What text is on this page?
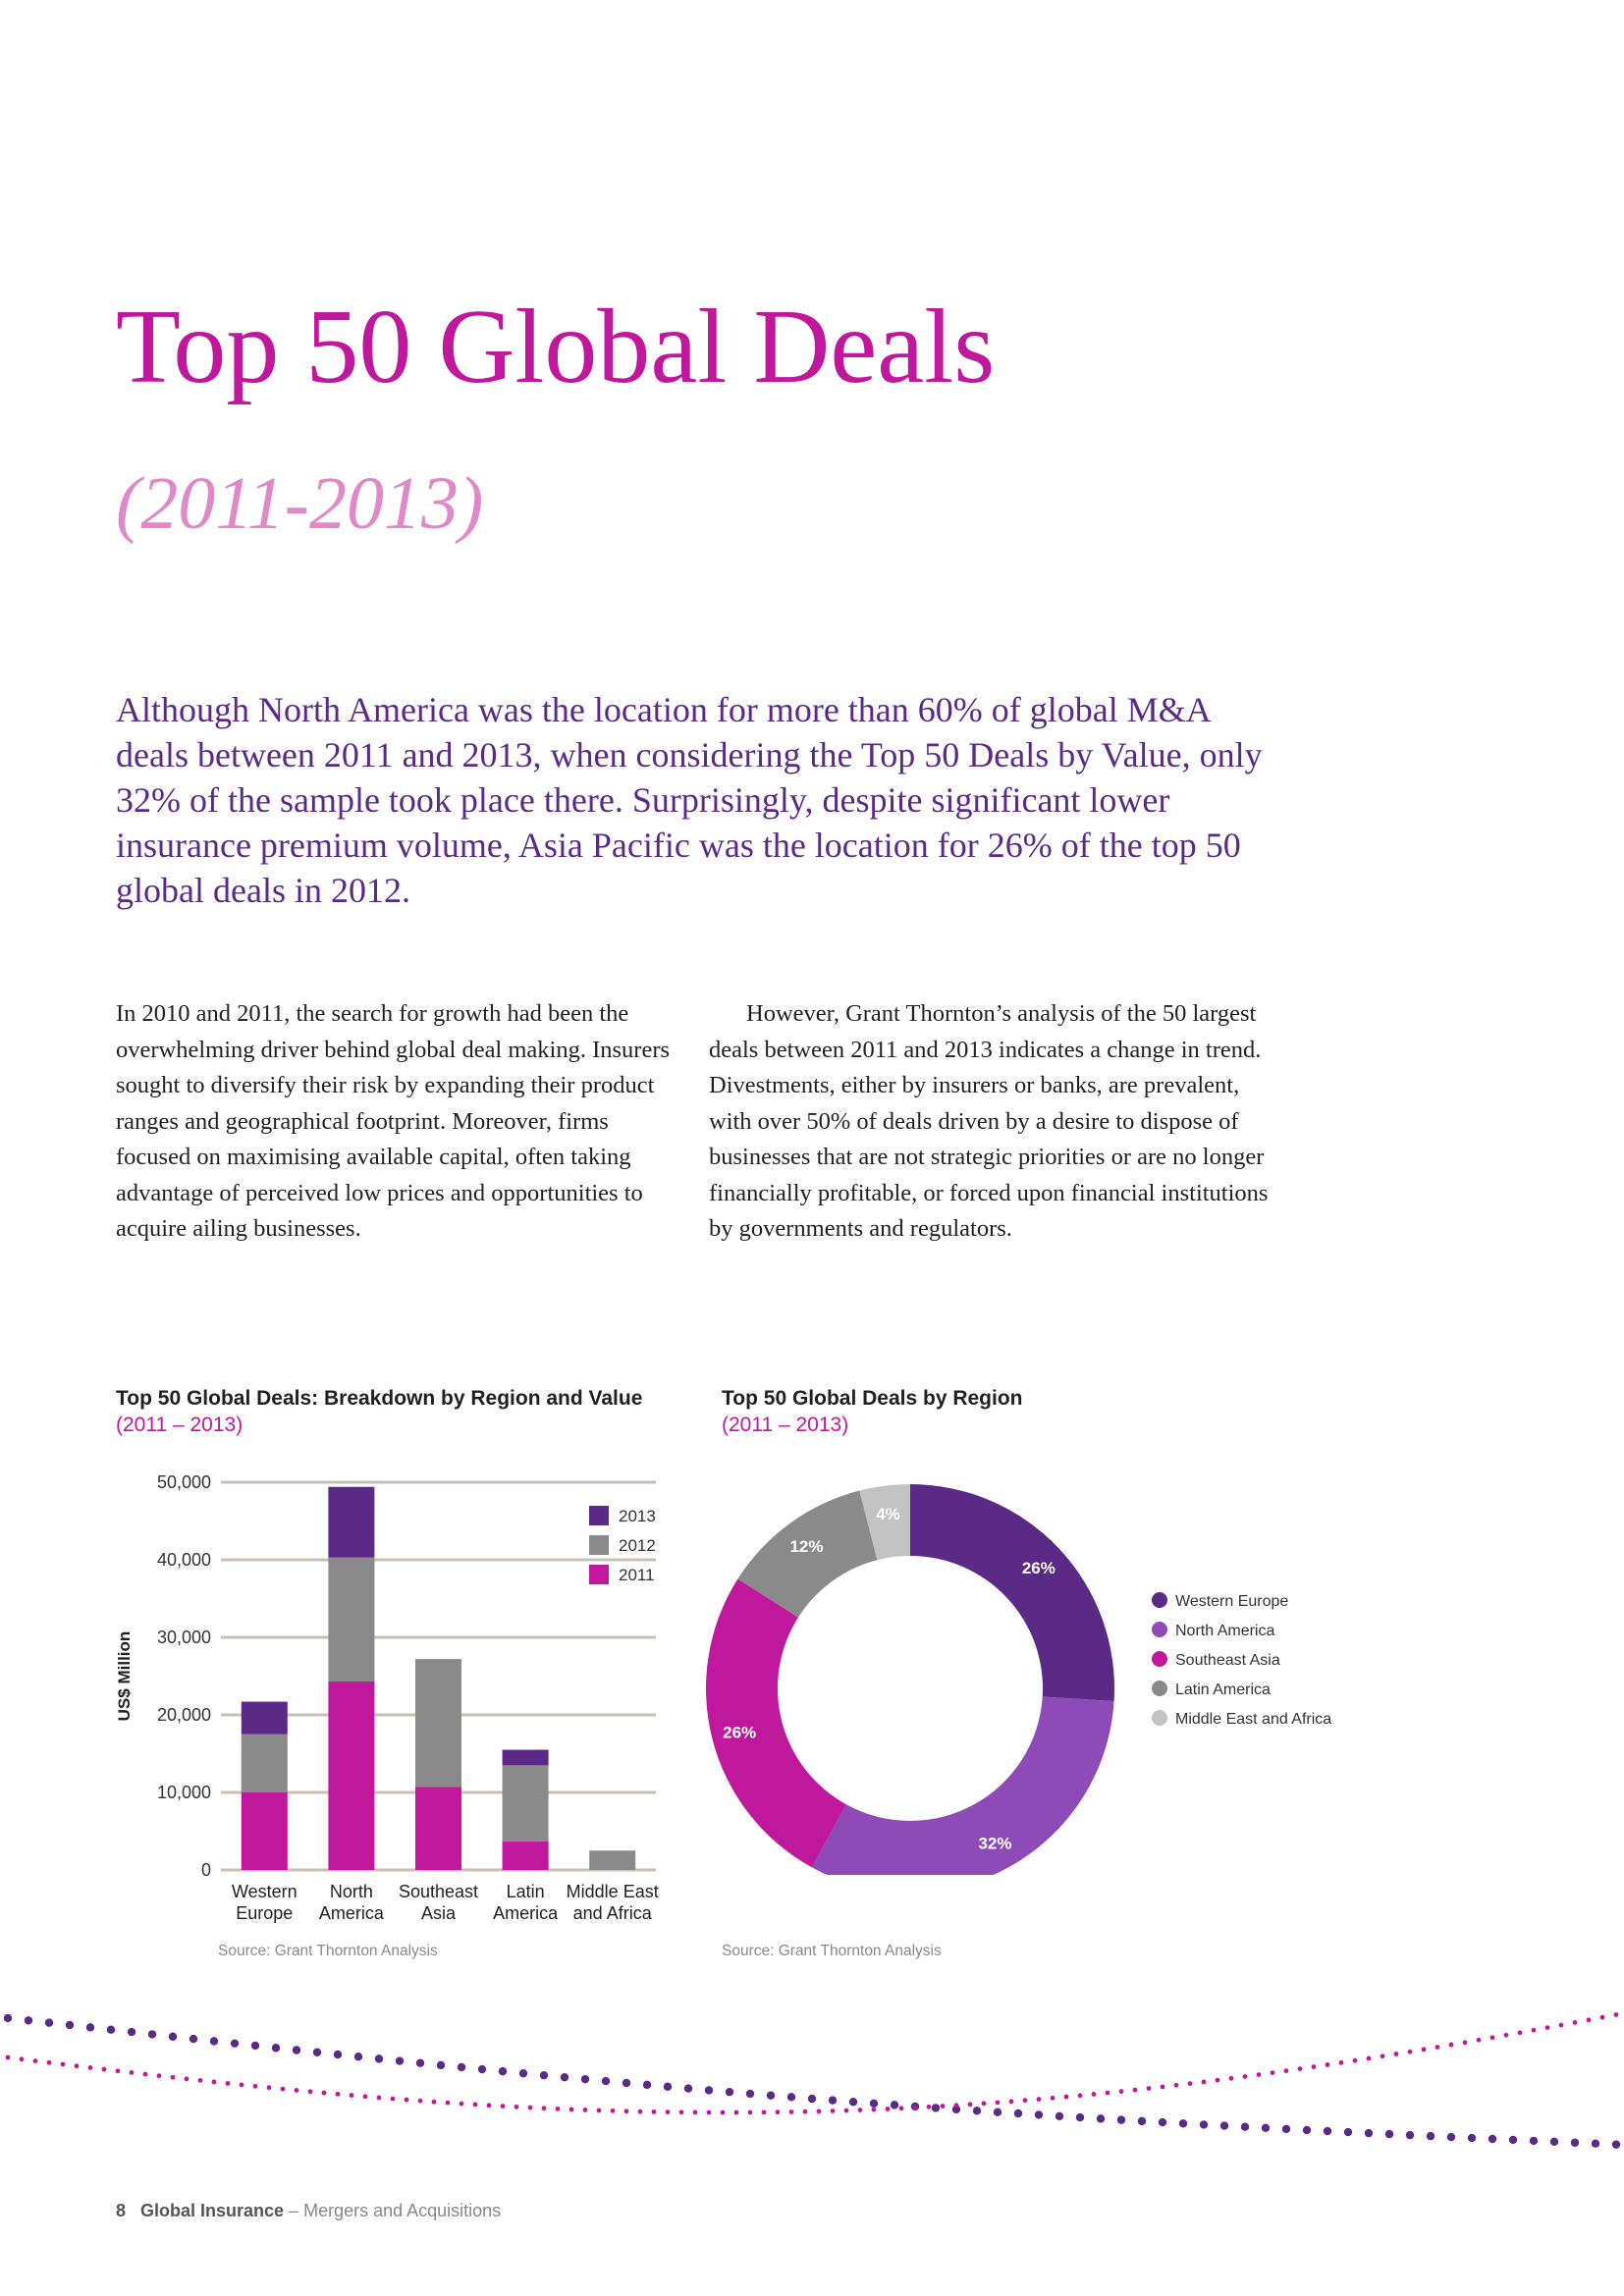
Top 50 Global Deals
(2011-2013)

Although North America was the location for more than 60% of global M&A deals between 2011 and 2013, when considering the Top 50 Deals by Value, only 32% of the sample took place there. Surprisingly, despite significant lower insurance premium volume, Asia Pacific was the location for 26% of the top 50 global deals in 2012.

In 2010 and 2011, the search for growth had been the overwhelming driver behind global deal making. Insurers sought to diversify their risk by expanding their product ranges and geographical footprint. Moreover, firms focused on maximising available capital, often taking advantage of perceived low prices and opportunities to acquire ailing businesses.

However, Grant Thornton’s analysis of the 50 largest deals between 2011 and 2013 indicates a change in trend. Divestments, either by insurers or banks, are prevalent, with over 50% of deals driven by a desire to dispose of businesses that are not strategic priorities or are no longer financially profitable, or forced upon financial institutions by governments and regulators.

Top 50 Global Deals: Breakdown by Region and Value
(2011 – 2013)
0
10,000
20,000
30,000
40,000
50,000
US$ Million
Western Europe
North America
Southeast Asia
Latin America
Middle East and Africa
2013
2012
2011
Source: Grant Thornton Analysis
Top 50 Global Deals by Region
(2011 – 2013)
26%
32%
26%
12%
4%
Western Europe
North America
Southeast Asia
Latin America
Middle East and Africa
Source: Grant Thornton Analysis
8 Global Insurance – Mergers and Acquisitions
